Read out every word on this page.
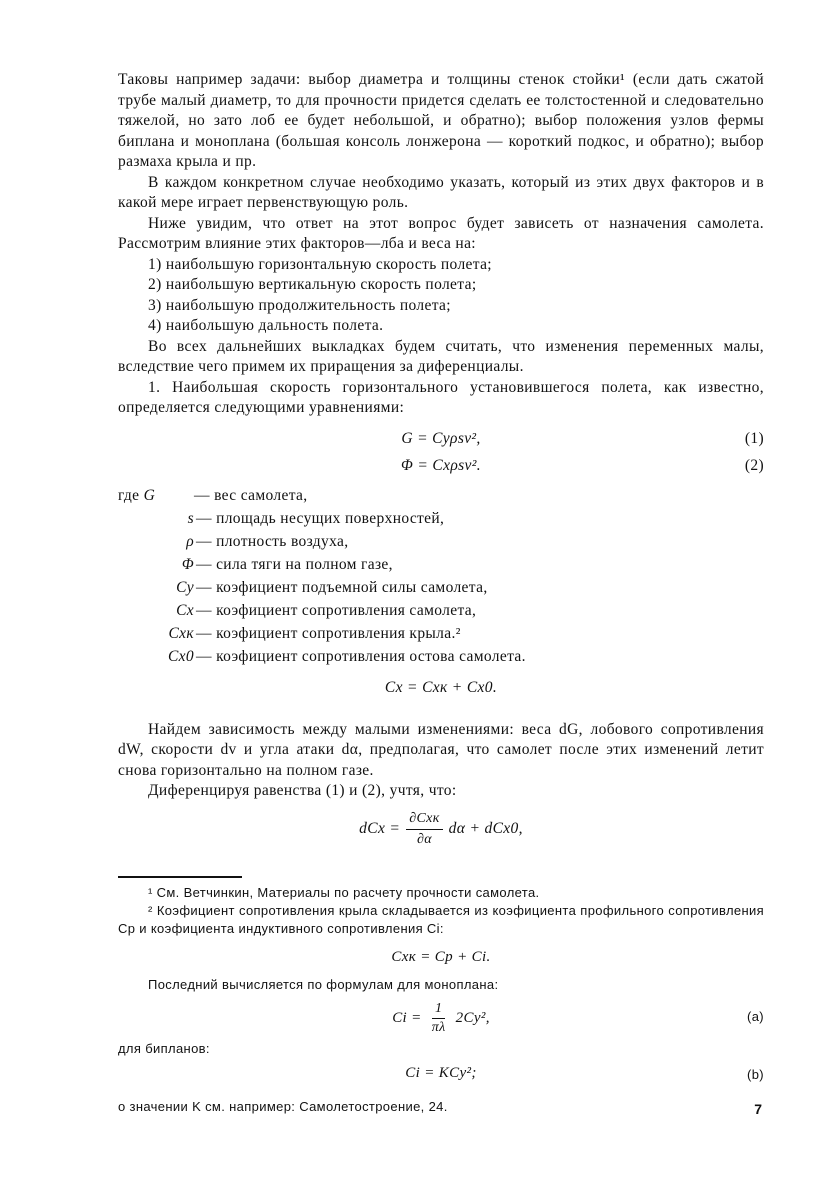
Таковы например задачи: выбор диаметра и толщины стенок стойки¹ (если дать сжатой трубе малый диаметр, то для прочности придется сделать ее толстостенной и следовательно тяжелой, но зато лоб ее будет небольшой, и обратно); выбор положения узлов фермы биплана и моноплана (большая консоль лонжерона — короткий подкос, и обратно); выбор размаха крыла и пр.

В каждом конкретном случае необходимо указать, который из этих двух факторов и в какой мере играет первенствующую роль.

Ниже увидим, что ответ на этот вопрос будет зависеть от назначения самолета. Рассмотрим влияние этих факторов—лба и веса на:

1) наибольшую горизонтальную скорость полета;

2) наибольшую вертикальную скорость полета;

3) наибольшую продолжительность полета;

4) наибольшую дальность полета.

Во всех дальнейших выкладках будем считать, что изменения переменных малы, вследствие чего примем их приращения за диференциалы.

1. Наибольшая скорость горизонтального установившегося полета, как известно, определяется следующими уравнениями:

G = Cyρsv²,	(1)
Φ = Cxρsv².	(2)
где G	— вес самолета,
s — площадь несущих поверхностей,
ρ — плотность воздуха,
Φ — сила тяги на полном газе,
Cy — коэфициент подъемной силы самолета,
Cx — коэфициент сопротивления самолета,
Cxк — коэфициент сопротивления крыла.²
Cx0 — коэфициент сопротивления остова самолета.
Cx = Cxк + Cx0.

Найдем зависимость между малыми изменениями: веса dG, лобового сопротивления dW, скорости dv и угла атаки dα, предполагая, что самолет после этих изменений летит снова горизонтально на полном газе.

Диференцируя равенства (1) и (2), учтя, что:

dCx = $\frac{\text{∂Cxк}}{\partial\alpha}$ dα + dCx0,

¹ См. Ветчинкин, Материалы по расчету прочности самолета.

² Коэфициент сопротивления крыла складывается из коэфициента профильного сопротивления Cp и коэфициента индуктивного сопротивления Ci:

Cxк = Cp + Ci.

Последний вычисляется по формулам для моноплана:

$Ci = \frac{1}{\pi\lambda} 2Cy^2$,	(a)

для бипланов:

Ci = KCy²;	(b)

о значении K см. например: Самолетостроение, 24.	7
